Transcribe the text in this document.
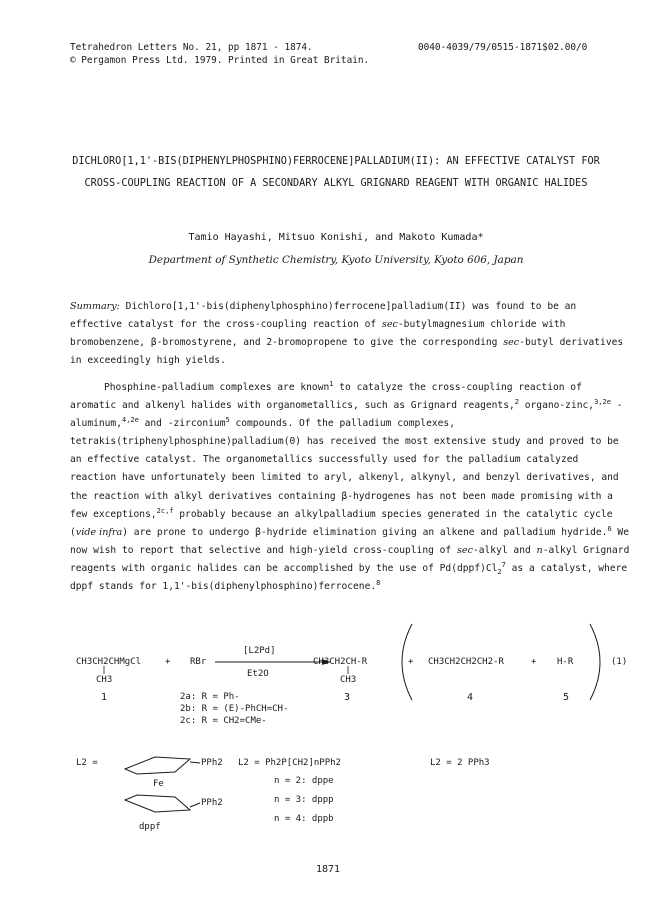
Tetrahedron Letters No. 21, pp 1871 - 1874.
© Pergamon Press Ltd. 1979. Printed in Great Britain.
0040-4039/79/0515-1871$02.00/0
DICHLORO[1,1'-BIS(DIPHENYLPHOSPHINO)FERROCENE]PALLADIUM(II): AN EFFECTIVE CATALYST FOR
CROSS-COUPLING REACTION OF A SECONDARY ALKYL GRIGNARD REAGENT WITH ORGANIC HALIDES
Tamio Hayashi, Mitsuo Konishi, and Makoto Kumada*
Department of Synthetic Chemistry, Kyoto University, Kyoto 606, Japan

Summary: Dichloro[1,1'-bis(diphenylphosphino)ferrocene]palladium(II) was found to be an effective catalyst for the cross-coupling reaction of sec-butylmagnesium chloride with bromobenzene, β-bromostyrene, and 2-bromopropene to give the corresponding sec-butyl derivatives in exceedingly high yields.

Phosphine-palladium complexes are known$^1$ to catalyze the cross-coupling reaction of aromatic and alkenyl halides with organometallics, such as Grignard reagents,$^2$ organo-zinc,$^{3,2e}$ -aluminum,$^{4,2e}$ and -zirconium$^5$ compounds. Of the palladium complexes, tetrakis(triphenylphosphine)palladium(0) has received the most extensive study and proved to be an effective catalyst. The organometallics successfully used for the palladium catalyzed reaction have unfortunately been limited to aryl, alkenyl, alkynyl, and benzyl derivatives, and the reaction with alkyl derivatives containing β-hydrogenes has not been made promising with a few exceptions,$^{2c,f}$ probably because an alkylpalladium species generated in the catalytic cycle (vide infra) are prone to undergo β-hydride elimination giving an alkene and palladium hydride.$^6$ We now wish to report that selective and high-yield cross-coupling of sec-alkyl and n-alkyl Grignard reagents with organic halides can be accomplished by the use of $Pd(dppf)Cl_2^7$ as a catalyst, where dppf stands for 1,1'-bis(diphenylphosphino)ferrocene.$^8$

CH3CH2CHMgCl
CH3
+ RBr
[L2Pd]
Et2O
CH3CH2CH-R
CH3
+ CH3CH2CH2CH2-R	+ H-R	(1)
1	3	4	5
2a: R = Ph-
2b: R = (E)-PhCH=CH-
2c: R = CH2=CMe-
L2 =	PPh2
Fe
PPh2
dppf
L2 = Ph2P[CH2]nPPh2
n = 2: dppe
n = 3: dppp
n = 4: dppb
L2 = 2 PPh3
1871
